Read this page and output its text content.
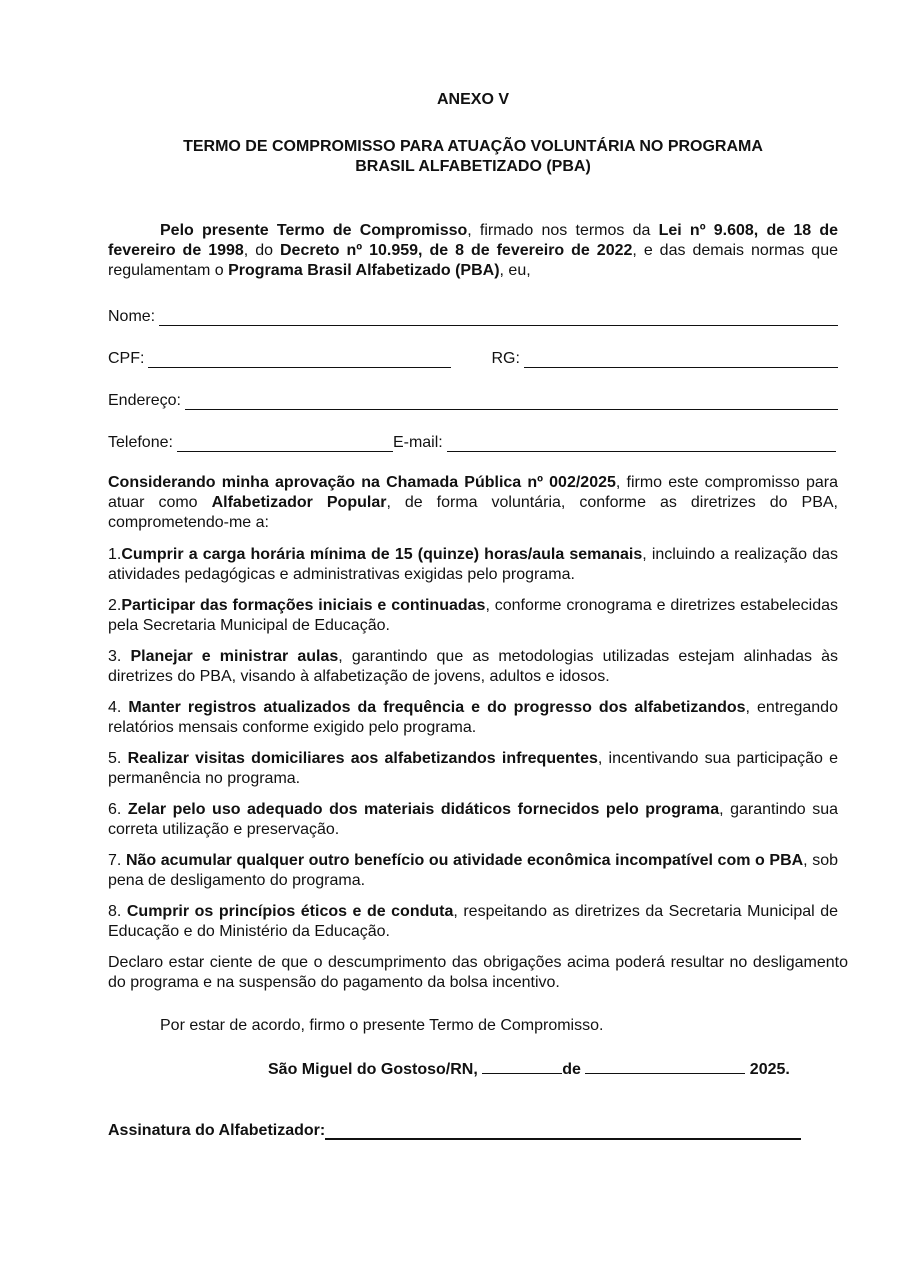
ANEXO V
TERMO DE COMPROMISSO PARA ATUAÇÃO VOLUNTÁRIA NO PROGRAMA
BRASIL ALFABETIZADO (PBA)
Pelo presente Termo de Compromisso, firmado nos termos da Lei nº 9.608, de 18 de fevereiro de 1998, do Decreto nº 10.959, de 8 de fevereiro de 2022, e das demais normas que regulamentam o Programa Brasil Alfabetizado (PBA), eu,
Nome:
CPF:	RG:
Endereço:
Telefone:	E-mail:
Considerando minha aprovação na Chamada Pública nº 002/2025, firmo este compromisso para atuar como Alfabetizador Popular, de forma voluntária, conforme as diretrizes do PBA, comprometendo-me a:
1.Cumprir a carga horária mínima de 15 (quinze) horas/aula semanais, incluindo a realização das atividades pedagógicas e administrativas exigidas pelo programa.
2.Participar das formações iniciais e continuadas, conforme cronograma e diretrizes estabelecidas pela Secretaria Municipal de Educação.
3. Planejar e ministrar aulas, garantindo que as metodologias utilizadas estejam alinhadas às diretrizes do PBA, visando à alfabetização de jovens, adultos e idosos.
4. Manter registros atualizados da frequência e do progresso dos alfabetizandos, entregando relatórios mensais conforme exigido pelo programa.
5. Realizar visitas domiciliares aos alfabetizandos infrequentes, incentivando sua participação e permanência no programa.
6. Zelar pelo uso adequado dos materiais didáticos fornecidos pelo programa, garantindo sua correta utilização e preservação.
7. Não acumular qualquer outro benefício ou atividade econômica incompatível com o PBA, sob pena de desligamento do programa.
8. Cumprir os princípios éticos e de conduta, respeitando as diretrizes da Secretaria Municipal de Educação e do Ministério da Educação.
Declaro estar ciente de que o descumprimento das obrigações acima poderá resultar no desligamento do programa e na suspensão do pagamento da bolsa incentivo.
Por estar de acordo, firmo o presente Termo de Compromisso.
São Miguel do Gostoso/RN,	de	2025.
Assinatura do Alfabetizador:
